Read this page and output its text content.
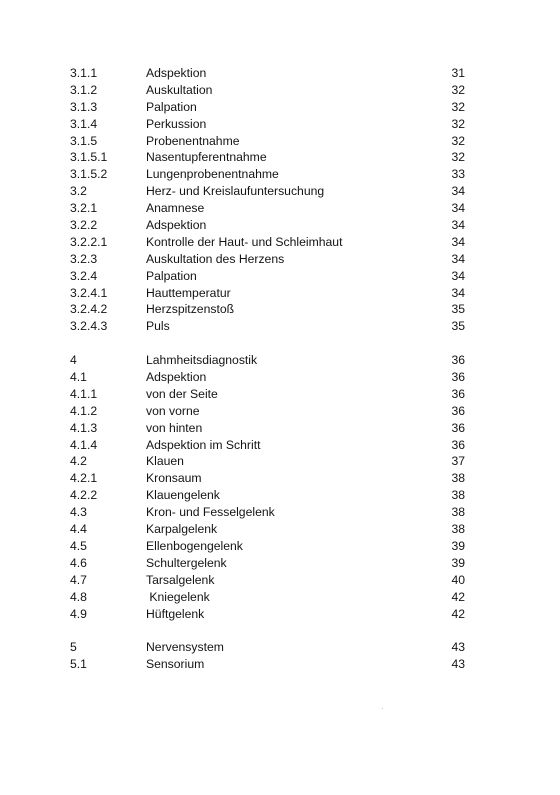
3.1.1	Adspektion	31
3.1.2	Auskultation	32
3.1.3	Palpation	32
3.1.4	Perkussion	32
3.1.5	Probenentnahme	32
3.1.5.1	Nasentupferentnahme	32
3.1.5.2	Lungenprobenentnahme	33
3.2	Herz- und Kreislaufuntersuchung	34
3.2.1	Anamnese	34
3.2.2	Adspektion	34
3.2.2.1	Kontrolle der Haut- und Schleimhaut	34
3.2.3	Auskultation des Herzens	34
3.2.4	Palpation	34
3.2.4.1	Hauttemperatur	34
3.2.4.2	Herzspitzenstoß	35
3.2.4.3	Puls	35
4	Lahmheitsdiagnostik	36
4.1	Adspektion	36
4.1.1	von der Seite	36
4.1.2	von vorne	36
4.1.3	von hinten	36
4.1.4	Adspektion im Schritt	36
4.2	Klauen	37
4.2.1	Kronsaum	38
4.2.2	Klauengelenk	38
4.3	Kron- und Fesselgelenk	38
4.4	Karpalgelenk	38
4.5	Ellenbogengelenk	39
4.6	Schultergelenk	39
4.7	Tarsalgelenk	40
4.8	Kniegelenk	42
4.9	Hüftgelenk	42
5	Nervensystem	43
5.1	Sensorium	43
